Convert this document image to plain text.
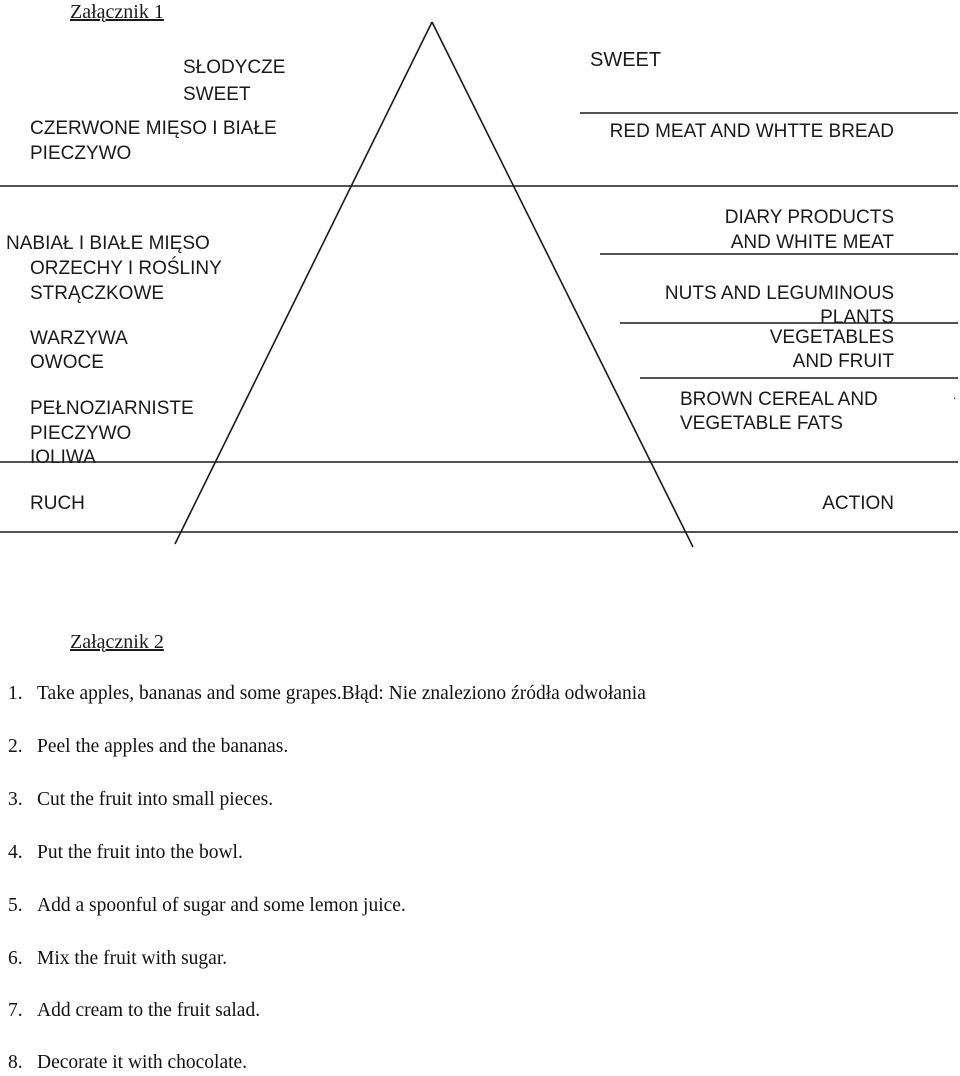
Załącznik 1
SŁODYCZE
SWEET
CZERWONE MIĘSO I BIAŁE
PIECZYWO
NABIAŁ I BIAŁE MIĘSO
ORZECHY I ROŚLINY
STRĄCZKOWE
WARZYWA
OWOCE
PEŁNOZIARNISTE
PIECZYWO
IOLIWA
RUCH
SWEET
RED MEAT AND WHTTE BREAD
DIARY PRODUCTS
AND WHITE MEAT
NUTS AND LEGUMINOUS
PLANTS
VEGETABLES
AND FRUIT
BROWN CEREAL AND
VEGETABLE FATS
.
ACTION
Załącznik 2
1. Take apples, bananas and some grapes.Błąd: Nie znaleziono źródła odwołania
2. Peel the apples and the bananas.
3. Cut the fruit into small pieces.
4. Put the fruit into the bowl.
5. Add a spoonful of sugar and some lemon juice.
6. Mix the fruit with sugar.
7. Add cream to the fruit salad.
8. Decorate it with chocolate.
